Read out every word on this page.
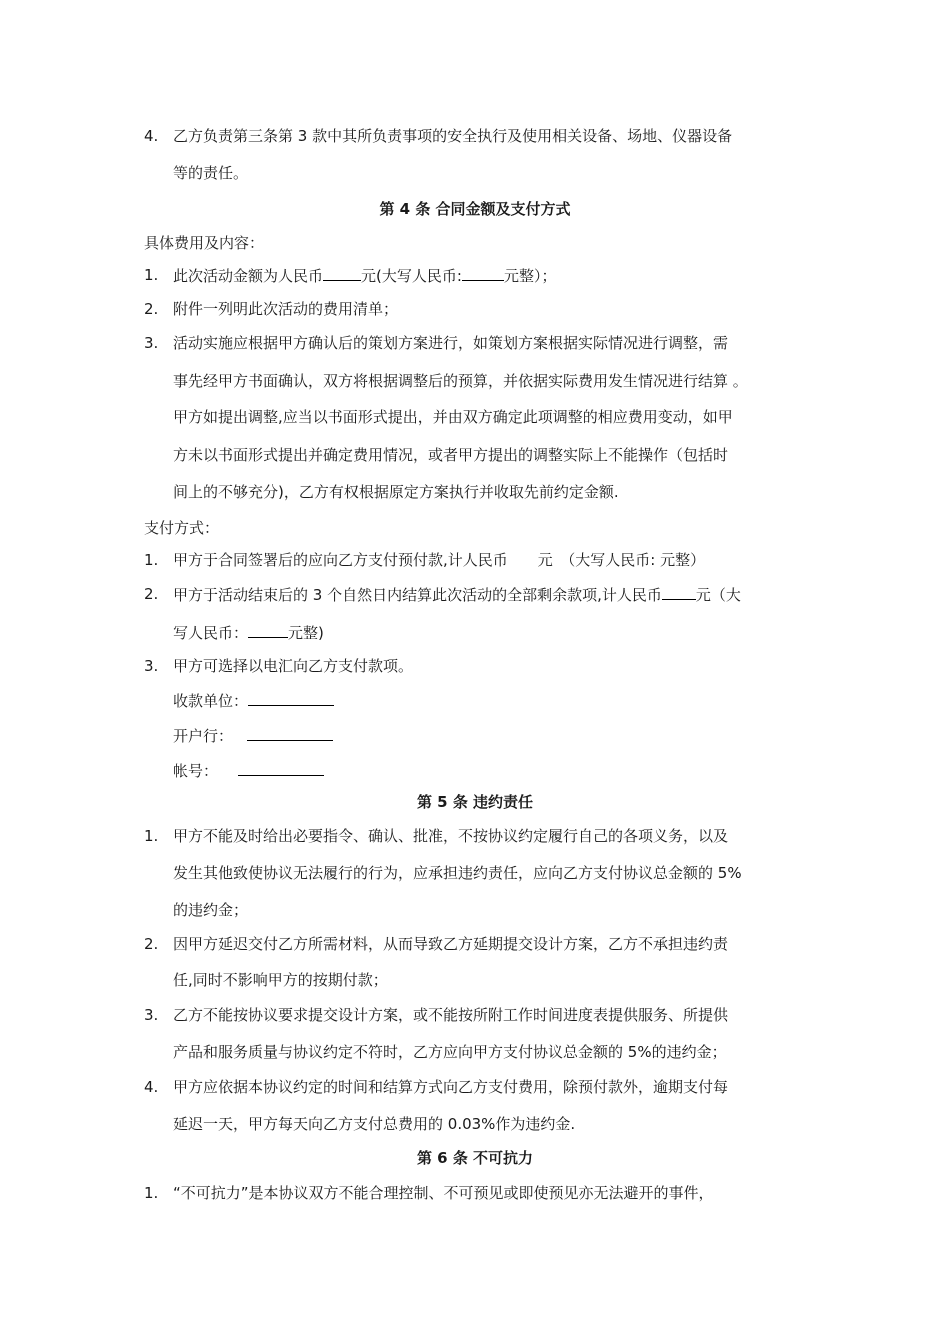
4. 乙方负责第三条第 3 款中其所负责事项的安全执行及使用相关设备、场地、仪器设备
等的责任。
第 4 条 合同金额及支付方式
具体费用及内容：
1. 此次活动金额为人民币	元(大写人民币:	元整）；
2. 附件一列明此次活动的费用清单；
3. 活动实施应根据甲方确认后的策划方案进行，如策划方案根据实际情况进行调整，需
事先经甲方书面确认，双方将根据调整后的预算，并依据实际费用发生情况进行结算 。
甲方如提出调整,应当以书面形式提出，并由双方确定此项调整的相应费用变动，如甲
方未以书面形式提出并确定费用情况，或者甲方提出的调整实际上不能操作（包括时
间上的不够充分)，乙方有权根据原定方案执行并收取先前约定金额.
支付方式：
1. 甲方于合同签署后的应向乙方支付预付款,计人民币　　元　（大写人民币: 元整）
2. 甲方于活动结束后的 3 个自然日内结算此次活动的全部剩余款项,计人民币 元（大
写人民币：	元整)
3. 甲方可选择以电汇向乙方支付款项。
收款单位：
开户行：
帐号：
第 5 条 违约责任
1. 甲方不能及时给出必要指令、确认、批准，不按协议约定履行自己的各项义务，以及
发生其他致使协议无法履行的行为，应承担违约责任，应向乙方支付协议总金额的 5%
的违约金；
2. 因甲方延迟交付乙方所需材料，从而导致乙方延期提交设计方案，乙方不承担违约责
任,同时不影响甲方的按期付款；
3. 乙方不能按协议要求提交设计方案，或不能按所附工作时间进度表提供服务、所提供
产品和服务质量与协议约定不符时，乙方应向甲方支付协议总金额的 5%的违约金；
4. 甲方应依据本协议约定的时间和结算方式向乙方支付费用，除预付款外，逾期支付每
延迟一天，甲方每天向乙方支付总费用的 0.03%作为违约金.
第 6 条 不可抗力
1. “不可抗力”是本协议双方不能合理控制、不可预见或即使预见亦无法避开的事件，
